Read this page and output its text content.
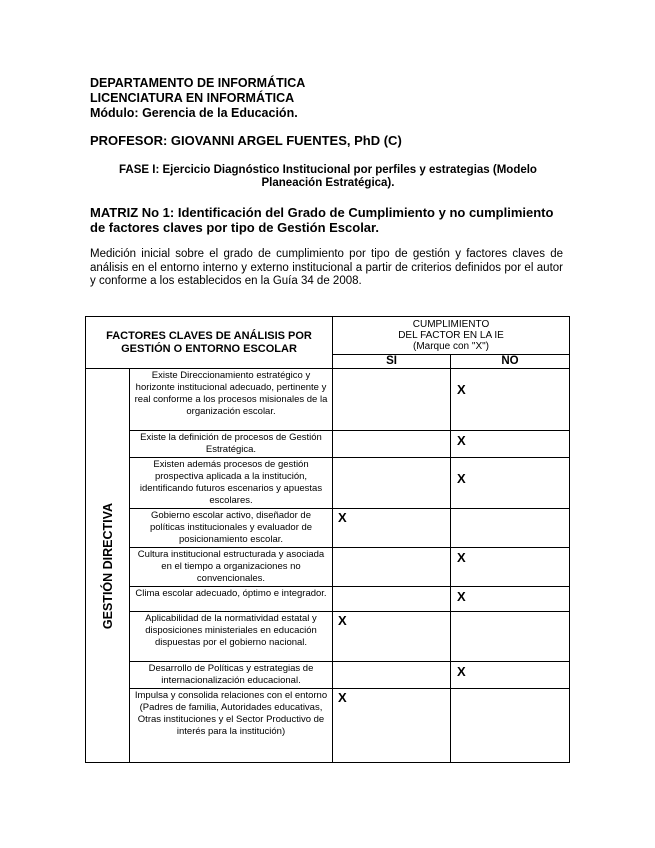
DEPARTAMENTO DE INFORMÁTICA
LICENCIATURA EN INFORMÁTICA
Módulo: Gerencia de la Educación.
PROFESOR: GIOVANNI ARGEL FUENTES, PhD (C)
FASE I: Ejercicio Diagnóstico Institucional por perfiles y estrategias (Modelo Planeación Estratégica).
MATRIZ No 1: Identificación del Grado de Cumplimiento y no cumplimiento de factores claves por tipo de Gestión Escolar.
Medición inicial sobre el grado de cumplimiento por tipo de gestión y factores claves de análisis en el entorno interno y externo institucional a partir de criterios definidos por el autor y conforme a los establecidos en la Guía 34 de 2008.
FACTORES CLAVES DE ANÁLISIS POR GESTIÓN O ENTORNO ESCOLAR		CUMPLIMIENTO
DEL FACTOR EN LA IE
(Marque con "X")	

		SI	NO

GESTIÓN DIRECTIVA	Existe Direccionamiento estratégico y horizonte institucional adecuado, pertinente y real conforme a los procesos misionales de la organización escolar.		X
	Existe la definición de procesos de Gestión Estratégica.		X
	Existen además procesos de gestión prospectiva aplicada a la institución, identificando futuros escenarios y apuestas escolares.		X
	Gobierno escolar activo, diseñador de políticas institucionales y evaluador de posicionamiento escolar.	X	
	Cultura institucional estructurada y asociada en el tiempo a organizaciones no convencionales.		X
	Clima escolar adecuado, óptimo e integrador.		X
	Aplicabilidad de la normatividad estatal y disposiciones ministeriales en educación dispuestas por el gobierno nacional.	X	
	Desarrollo de Políticas y estrategias de internacionalización educacional.		X
	Impulsa y consolida relaciones con el entorno (Padres de familia, Autoridades educativas, Otras instituciones y el Sector Productivo de interés para la institución)	X	
